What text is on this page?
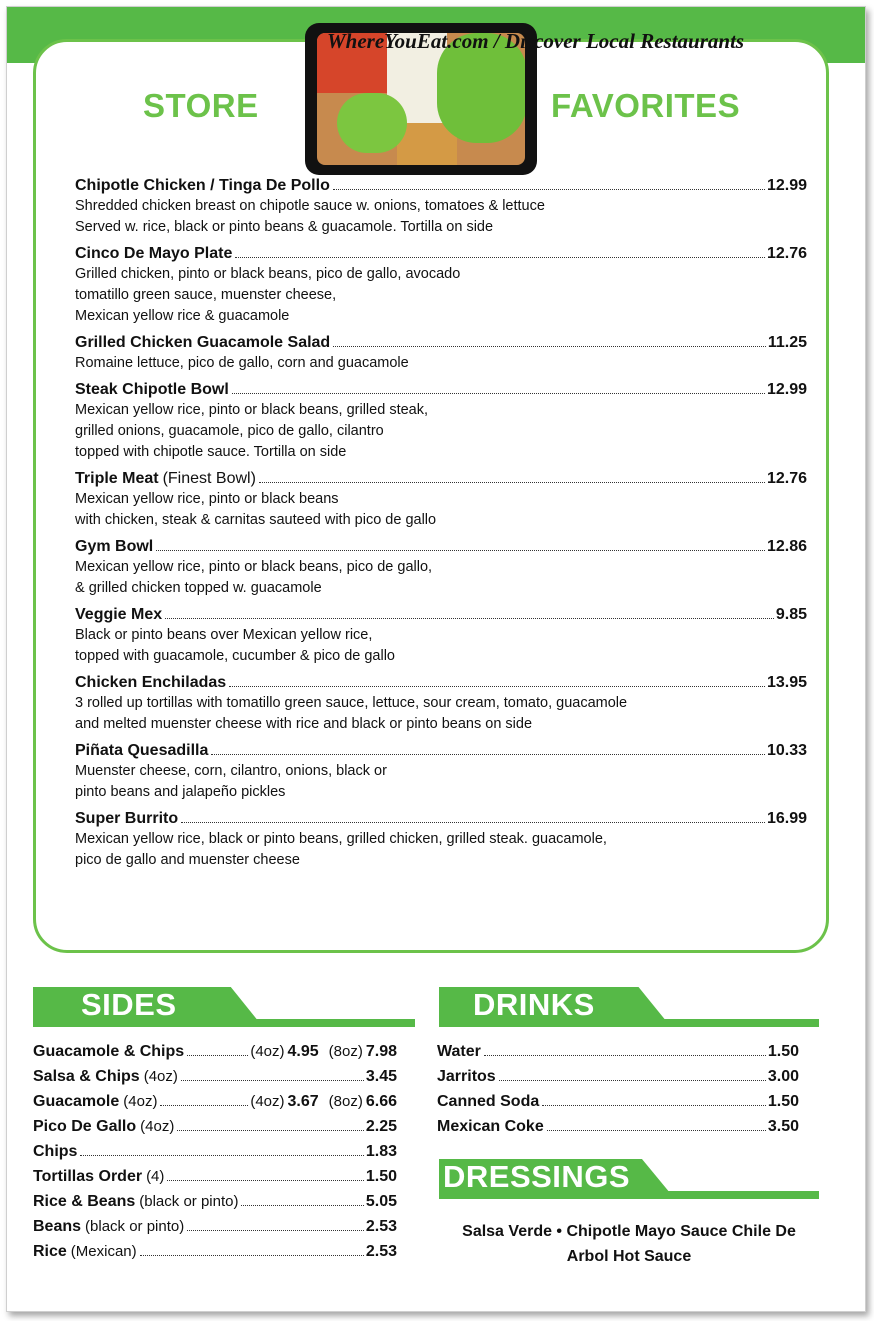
STORE	FAVORITES
WhereYouEat.com / Discover Local Restaurants
Chipotle Chicken / Tinga De Pollo	12.99
Shredded chicken breast on chipotle sauce w. onions, tomatoes & lettuce
Served w. rice, black or pinto beans & guacamole. Tortilla on side
Cinco De Mayo Plate	12.76
Grilled chicken, pinto or black beans, pico de gallo, avocado
tomatillo green sauce, muenster cheese,
Mexican yellow rice & guacamole
Grilled Chicken Guacamole Salad	11.25
Romaine lettuce, pico de gallo, corn and guacamole
Steak Chipotle Bowl	12.99
Mexican yellow rice, pinto or black beans, grilled steak,
grilled onions, guacamole, pico de gallo, cilantro
topped with chipotle sauce. Tortilla on side
Triple Meat (Finest Bowl)	12.76
Mexican yellow rice, pinto or black beans
with chicken, steak & carnitas sauteed with pico de gallo
Gym Bowl	12.86
Mexican yellow rice, pinto or black beans, pico de gallo,
& grilled chicken topped w. guacamole
Veggie Mex	9.85
Black or pinto beans over Mexican yellow rice,
topped with guacamole, cucumber & pico de gallo
Chicken Enchiladas	13.95
3 rolled up tortillas with tomatillo green sauce, lettuce, sour cream, tomato, guacamole
and melted muenster cheese with rice and black or pinto beans on side
Piñata Quesadilla	10.33
Muenster cheese, corn, cilantro, onions, black or
pinto beans and jalapeño pickles
Super Burrito	16.99
Mexican yellow rice, black or pinto beans, grilled chicken, grilled steak. guacamole,
pico de gallo and muenster cheese
SIDES
Guacamole & Chips	(4oz) 4.95 (8oz) 7.98
Salsa & Chips (4oz)	3.45
Guacamole (4oz)	(4oz) 3.67 (8oz) 6.66
Pico De Gallo (4oz)	2.25
Chips	1.83
Tortillas Order (4)	1.50
Rice & Beans (black or pinto)	5.05
Beans (black or pinto)	2.53
Rice (Mexican)	2.53
DRINKS
Water	1.50
Jarritos	3.00
Canned Soda	1.50
Mexican Coke	3.50
DRESSINGS
Salsa Verde • Chipotle Mayo Sauce Chile De
Arbol Hot Sauce
